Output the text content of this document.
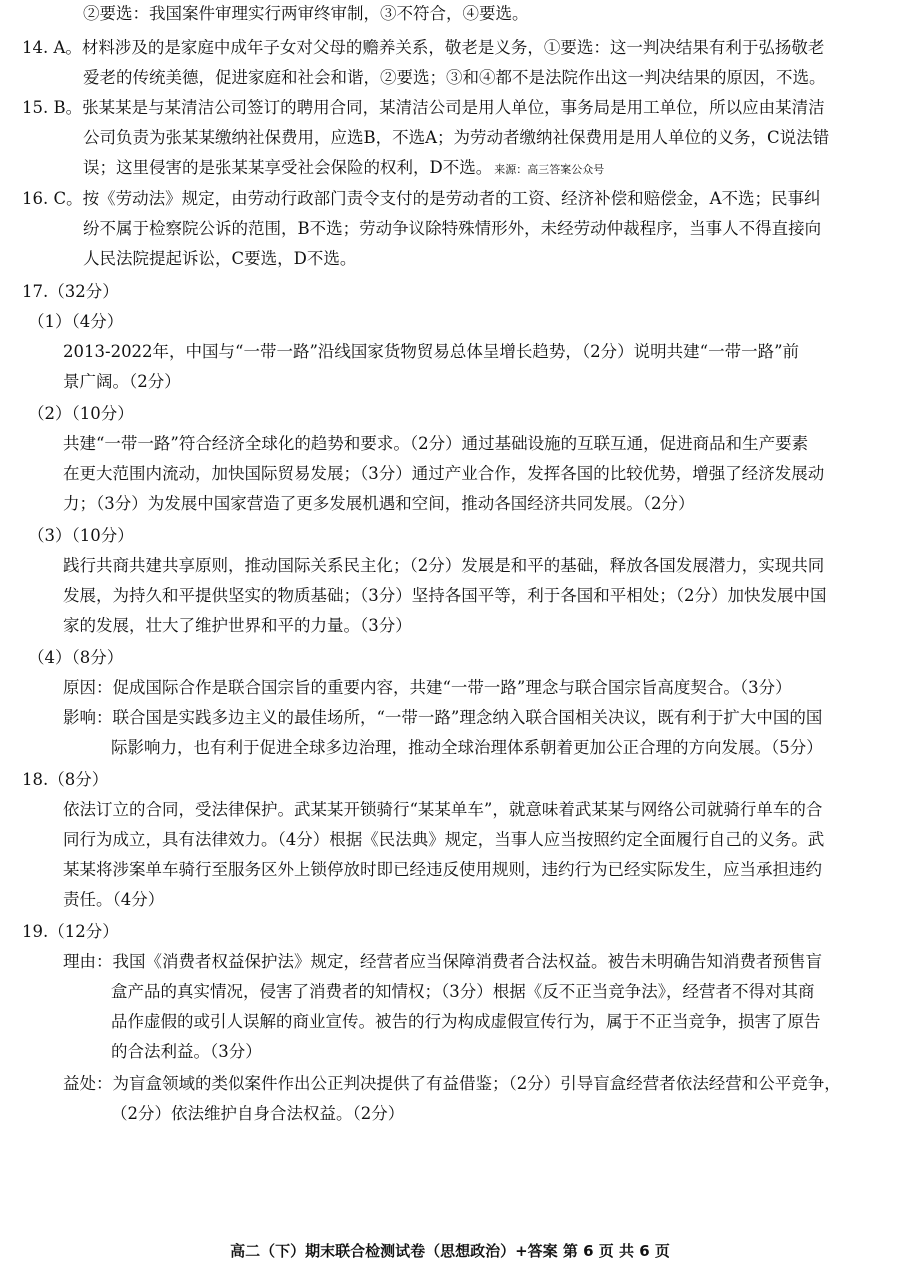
②要选：我国案件审理实行两审终审制，③不符合，④要选。
14. A。材料涉及的是家庭中成年子女对父母的赡养关系，敬老是义务，①要选：这一判决结果有利于弘扬敬老
爱老的传统美德，促进家庭和社会和谐，②要选；③和④都不是法院作出这一判决结果的原因，不选。
15. B。张某某是与某清洁公司签订的聘用合同，某清洁公司是用人单位，事务局是用工单位，所以应由某清洁
公司负责为张某某缴纳社保费用，应选B，不选A；为劳动者缴纳社保费用是用人单位的义务，C说法错
误；这里侵害的是张某某享受社会保险的权利，D不选。 来源：高三答案公众号
16. C。按《劳动法》规定，由劳动行政部门责令支付的是劳动者的工资、经济补偿和赔偿金，A不选；民事纠
纷不属于检察院公诉的范围，B不选；劳动争议除特殊情形外，未经劳动仲裁程序，当事人不得直接向
人民法院提起诉讼，C要选，D不选。
17.（32分）
（1）（4分）
2013-2022年，中国与“一带一路”沿线国家货物贸易总体呈增长趋势，（2分）说明共建“一带一路”前
景广阔。（2分）
（2）（10分）
共建“一带一路”符合经济全球化的趋势和要求。（2分）通过基础设施的互联互通，促进商品和生产要素
在更大范围内流动，加快国际贸易发展；（3分）通过产业合作，发挥各国的比较优势，增强了经济发展动
力；（3分）为发展中国家营造了更多发展机遇和空间，推动各国经济共同发展。（2分）
（3）（10分）
践行共商共建共享原则，推动国际关系民主化；（2分）发展是和平的基础，释放各国发展潜力，实现共同
发展，为持久和平提供坚实的物质基础；（3分）坚持各国平等，利于各国和平相处；（2分）加快发展中国
家的发展，壮大了维护世界和平的力量。（3分）
（4）（8分）
原因：促成国际合作是联合国宗旨的重要内容，共建“一带一路”理念与联合国宗旨高度契合。（3分）
影响：联合国是实践多边主义的最佳场所，“一带一路”理念纳入联合国相关决议，既有利于扩大中国的国
际影响力，也有利于促进全球多边治理，推动全球治理体系朝着更加公正合理的方向发展。（5分）
18.（8分）
依法订立的合同，受法律保护。武某某开锁骑行“某某单车”，就意味着武某某与网络公司就骑行单车的合
同行为成立，具有法律效力。（4分）根据《民法典》规定，当事人应当按照约定全面履行自己的义务。武
某某将涉案单车骑行至服务区外上锁停放时即已经违反使用规则，违约行为已经实际发生，应当承担违约
责任。（4分）
19.（12分）
理由：我国《消费者权益保护法》规定，经营者应当保障消费者合法权益。被告未明确告知消费者预售盲
盒产品的真实情况，侵害了消费者的知情权；（3分）根据《反不正当竞争法》，经营者不得对其商
品作虚假的或引人误解的商业宣传。被告的行为构成虚假宣传行为，属于不正当竞争，损害了原告
的合法利益。（3分）
益处：为盲盒领域的类似案件作出公正判决提供了有益借鉴；（2分）引导盲盒经营者依法经营和公平竞争，
（2分）依法维护自身合法权益。（2分）
高二（下）期末联合检测试卷（思想政治）+答案 第 6 页 共 6 页
